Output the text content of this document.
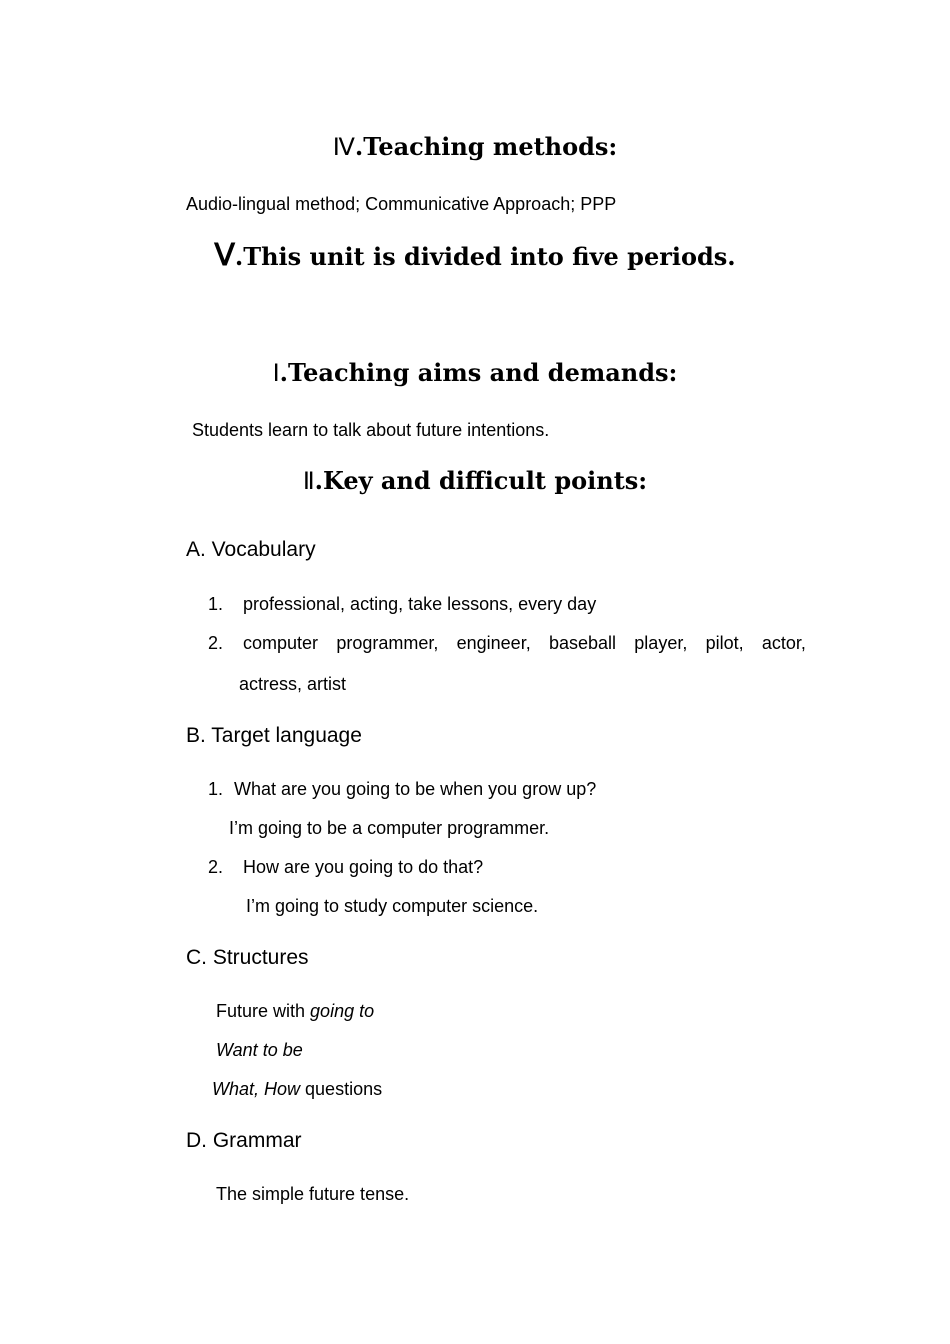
Ⅳ.Teaching methods:
Audio-lingual method; Communicative Approach; PPP
Ⅴ.This unit is divided into five periods.
Ⅰ.Teaching aims and demands:
Students learn to talk about future intentions.
Ⅱ.Key and difficult points:
A. Vocabulary
1. professional, acting, take lessons, every day
2. computer programmer, engineer, baseball player, pilot, actor,
actress, artist
B. Target language
1. What are you going to be when you grow up?
I’m going to be a computer programmer.
2. How are you going to do that?
I’m going to study computer science.
C. Structures
Future with going to
Want to be
What, How questions
D. Grammar
The simple future tense.
